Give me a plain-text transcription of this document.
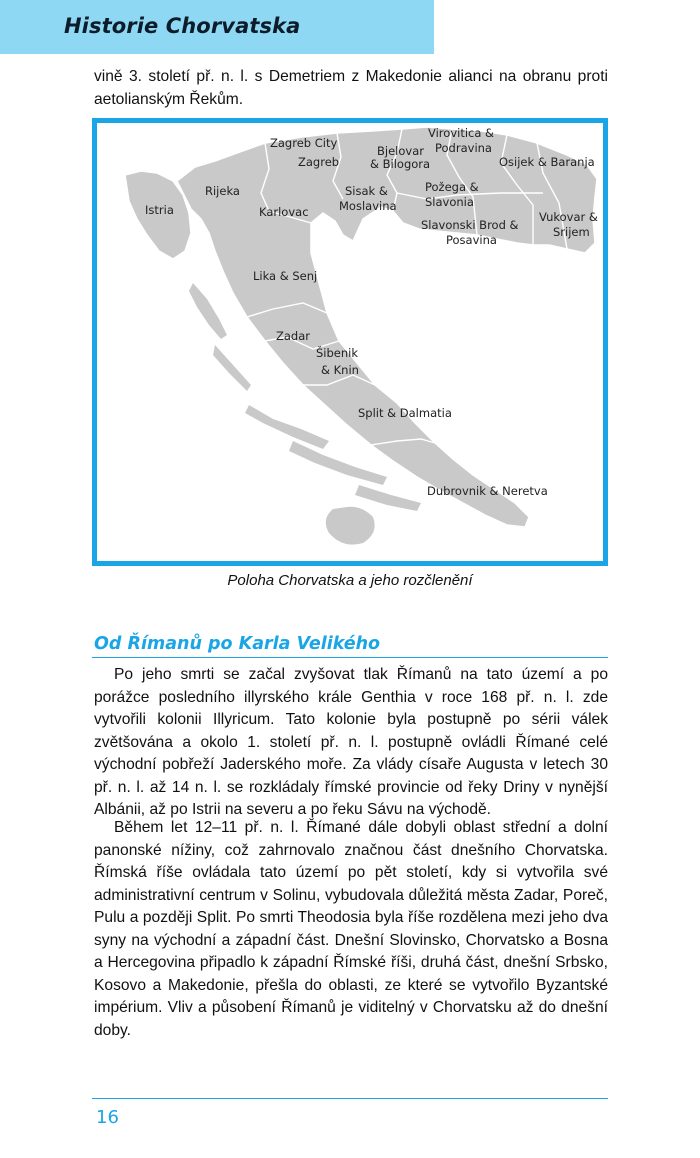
Historie Chorvatska

vině 3. století př. n. l. s Demetriem z Makedonie alianci na obranu proti aetolianským Řekům.

Zagreb City
Zagreb
Bjelovar
& Bilogora
Virovitica &
Podravina
Osijek & Baranja
Rijeka
Istria	Karlovac
Sisak &
Moslavina
Požega &
Slavonia
Slavonski Brod &
Posavina
Vukovar &
Srijem
Lika & Senj
Zadar
Šibenik
& Knin
Split & Dalmatia
Dubrovnik & Neretva

Poloha Chorvatska a jeho rozčlenění

Od Římanů po Karla Velikého

Po jeho smrti se začal zvyšovat tlak Římanů na tato území a po porážce posledního illyrského krále Genthia v roce 168 př. n. l. zde vytvořili kolonii Illyricum. Tato kolonie byla postupně po sérii válek zvětšována a okolo 1. století př. n. l. postupně ovládli Římané celé východní pobřeží Jaderského moře. Za vlády císaře Augusta v letech 30 př. n. l. až 14 n. l. se rozkládaly římské provincie od řeky Driny v nynější Albánii, až po Istrii na severu a po řeku Sávu na východě.

Během let 12–11 př. n. l. Římané dále dobyli oblast střední a dolní panonské nížiny, což zahrnovalo značnou část dnešního Chorvatska. Římská říše ovládala tato území po pět století, kdy si vytvořila své administrativní centrum v Solinu, vybudovala důležitá města Zadar, Poreč, Pulu a později Split. Po smrti Theodosia byla říše rozdělena mezi jeho dva syny na východní a západní část. Dnešní Slovinsko, Chorvatsko a Bosna a Hercegovina připadlo k západní Římské říši, druhá část, dnešní Srbsko, Kosovo a Makedonie, přešla do oblasti, ze které se vytvořilo Byzantské impérium. Vliv a působení Římanů je viditelný v Chorvatsku až do dnešní doby.

16
